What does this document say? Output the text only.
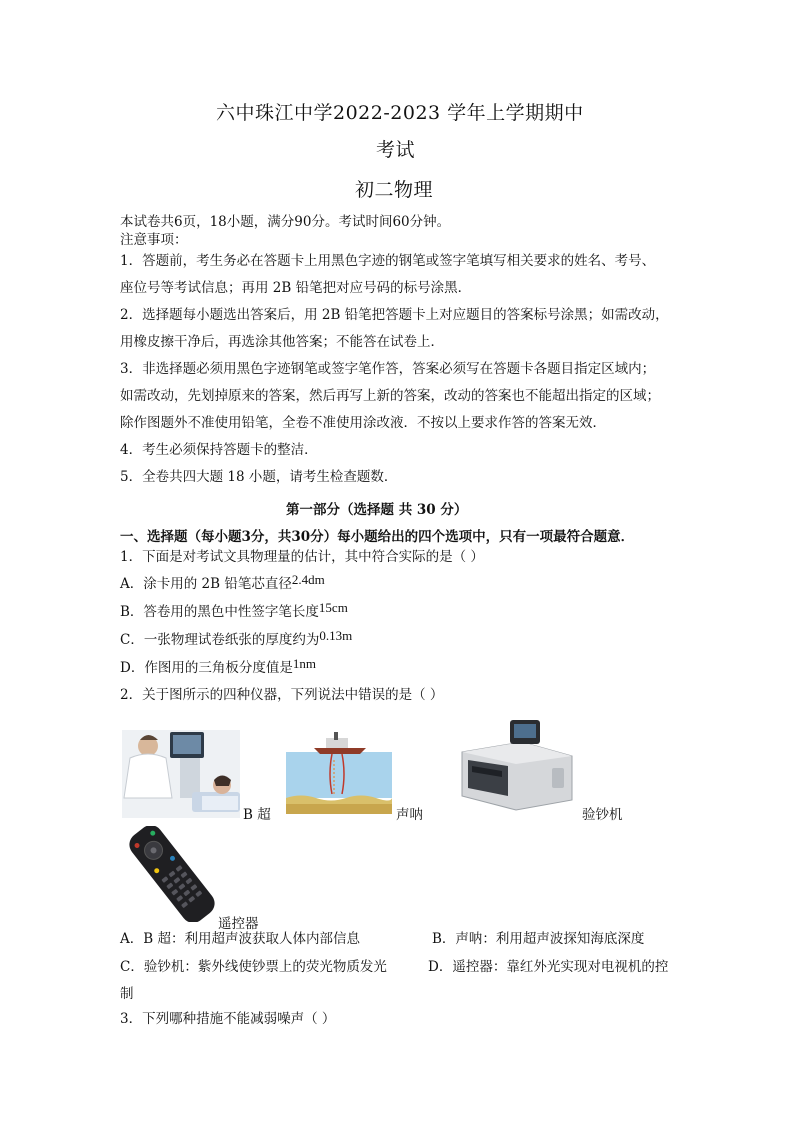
六中珠江中学2022-2023 学年上学期期中
考试
初二物理
本试卷共6页，18小题，满分90分。考试时间60分钟。
注意事项：
1．答题前，考生务必在答题卡上用黑色字迹的钢笔或签字笔填写相关要求的姓名、考号、
座位号等考试信息；再用 2B 铅笔把对应号码的标号涂黑．
2．选择题每小题选出答案后，用 2B 铅笔把答题卡上对应题目的答案标号涂黑；如需改动，
用橡皮擦干净后，再选涂其他答案；不能答在试卷上．
3．非选择题必须用黑色字迹钢笔或签字笔作答，答案必须写在答题卡各题目指定区域内；
如需改动，先划掉原来的答案，然后再写上新的答案，改动的答案也不能超出指定的区域；
除作图题外不准使用铅笔，全卷不准使用涂改液．不按以上要求作答的答案无效．
4．考生必须保持答题卡的整洁．
5．全卷共四大题 18 小题，请考生检查题数．
第一部分（选择题 共 30 分）
一、选择题（每小题3分，共30分）每小题给出的四个选项中，只有一项最符合题意．
1．下面是对考试文具物理量的估计，其中符合实际的是（ ）
A．涂卡用的 2B 铅笔芯直径2.4dm
B．答卷用的黑色中性签字笔长度15cm
C．一张物理试卷纸张的厚度约为0.13m
D．作图用的三角板分度值是1nm
2．关于图所示的四种仪器，下列说法中错误的是（ ）
B 超	声呐	验钞机
遥控器
A．B 超：利用超声波获取人体内部信息	B．声呐：利用超声波探知海底深度
C．验钞机：紫外线使钞票上的荧光物质发光	D．遥控器：靠红外光实现对电视机的控
制
3．下列哪种措施不能减弱噪声（ ）
